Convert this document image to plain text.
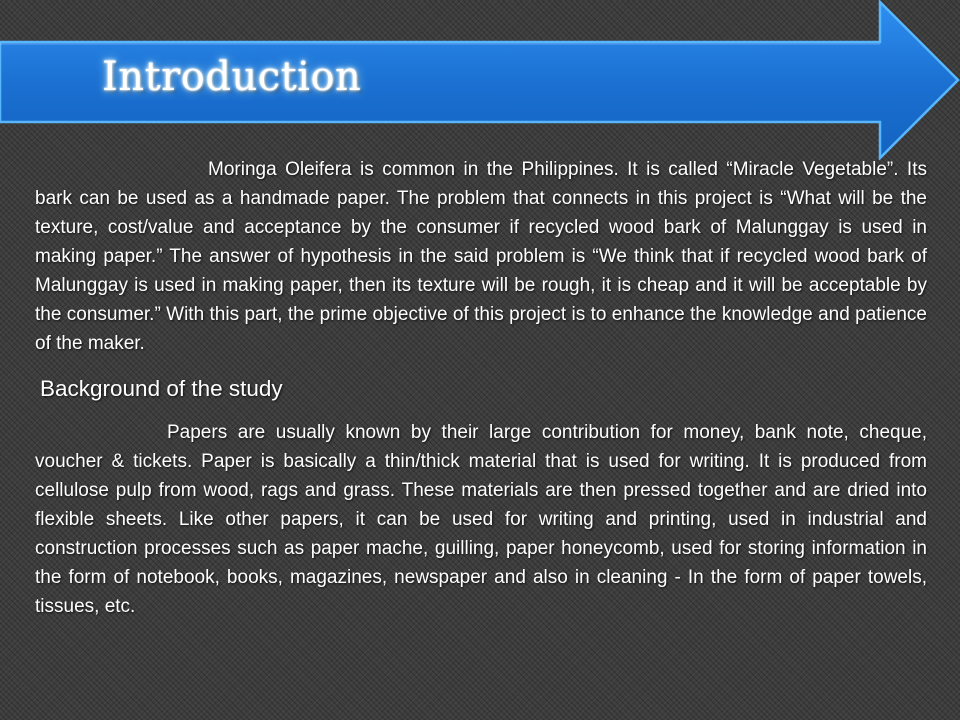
Introduction

Moringa Oleifera is common in the Philippines. It is called “Miracle Vegetable”. Its bark can be used as a handmade paper. The problem that connects in this project is “What will be the texture, cost/value and acceptance by the consumer if recycled wood bark of Malunggay is used in making paper.” The answer of hypothesis in the said problem is “We think that if recycled wood bark of Malunggay is used in making paper, then its texture will be rough, it is cheap and it will be acceptable by the consumer.” With this part, the prime objective of this project is to enhance the knowledge and patience of the maker.

Background of the study

Papers are usually known by their large contribution for money, bank note, cheque, voucher & tickets. Paper is basically a thin/thick material that is used for writing. It is produced from cellulose pulp from wood, rags and grass. These materials are then pressed together and are dried into flexible sheets. Like other papers, it can be used for writing and printing, used in industrial and construction processes such as paper mache, guilling, paper honeycomb, used for storing information in the form of notebook, books, magazines, newspaper and also in cleaning - In the form of paper towels, tissues, etc.
